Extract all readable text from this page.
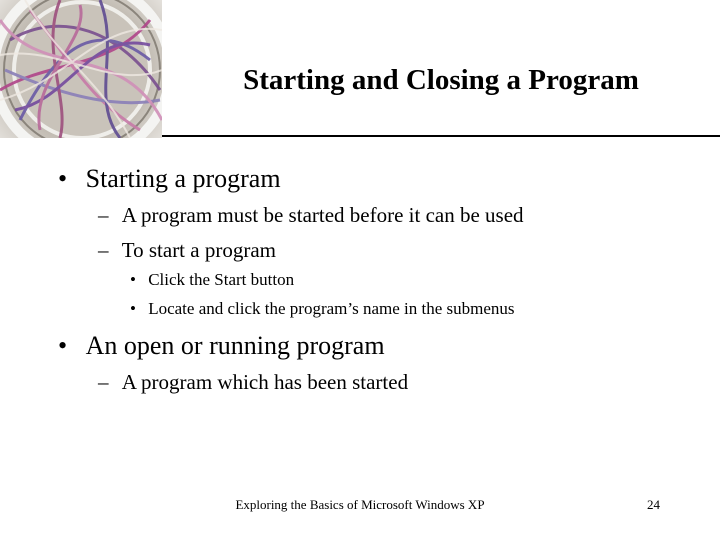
Starting and Closing a Program
• Starting a program
– A program must be started before it can be used
– To start a program
• Click the Start button
• Locate and click the program’s name in the submenus
• An open or running program
– A program which has been started
Exploring the Basics of Microsoft Windows XP	24
